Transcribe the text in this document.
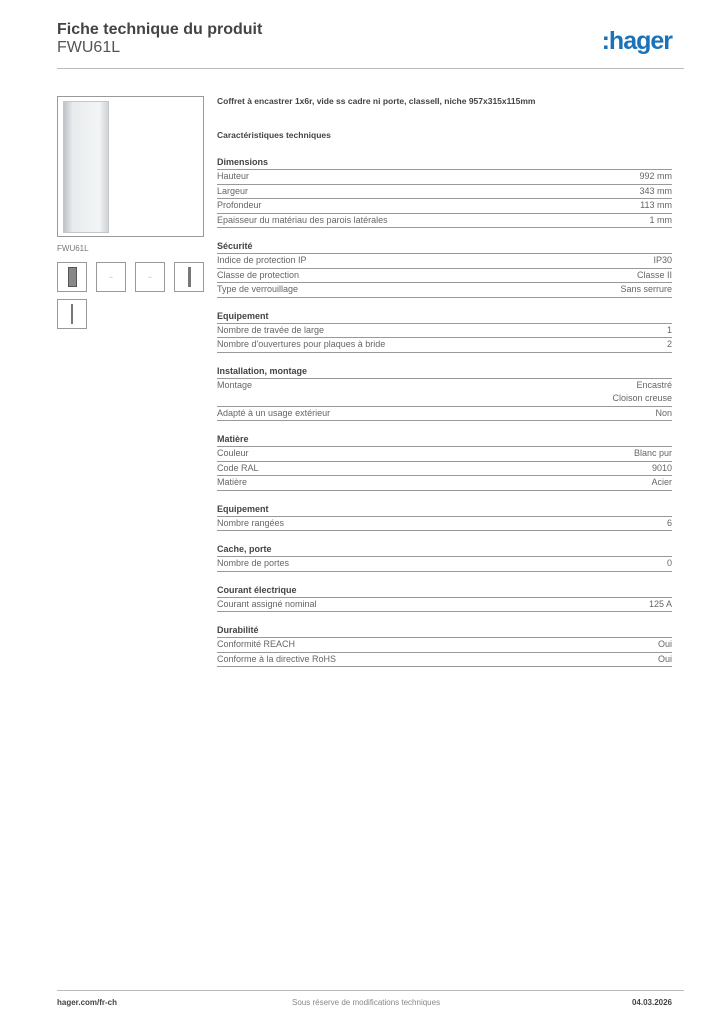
Fiche technique du produit
FWU61L	:hager
FWU61L
↔	↔
Coffret à encastrer 1x6r, vide ss cadre ni porte, classeII, niche 957x315x115mm
Caractéristiques techniques
Dimensions
Hauteur	992 mm
Largeur	343 mm
Profondeur	113 mm
Epaisseur du matériau des parois latérales	1 mm
Sécurité
Indice de protection IP	IP30
Classe de protection	Classe II
Type de verrouillage	Sans serrure
Equipement
Nombre de travée de large	1
Nombre d'ouvertures pour plaques à bride	2
Installation, montage
Montage	Encastré
Cloison creuse
Adapté à un usage extérieur	Non
Matière
Couleur	Blanc pur
Code RAL	9010
Matière	Acier
Equipement
Nombre rangées	6
Cache, porte
Nombre de portes	0
Courant électrique
Courant assigné nominal	125 A
Durabilité
Conformité REACH	Oui
Conforme à la directive RoHS	Oui
hager.com/fr-ch	Sous réserve de modifications techniques	04.03.2026
